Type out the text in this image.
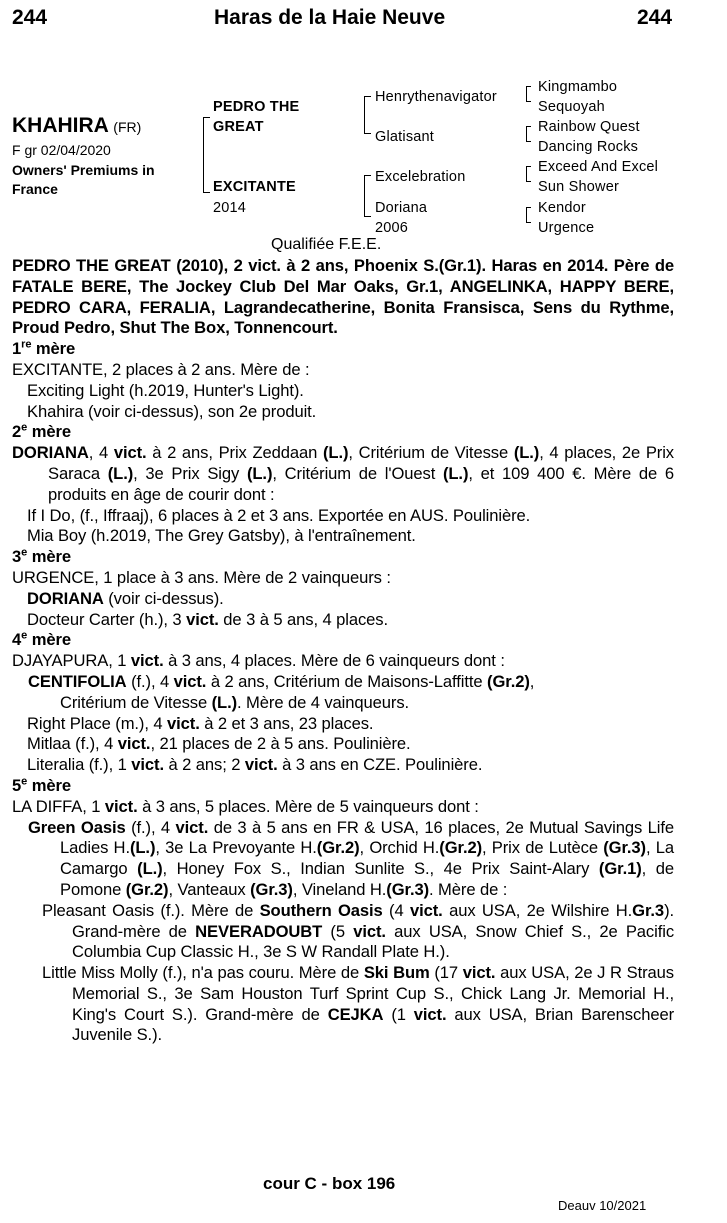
244	Haras de la Haie Neuve	244
KHAHIRA (FR)
F gr 02/04/2020
Owners' Premiums in
France
PEDRO THE
GREAT
EXCITANTE
2014
Henrythenavigator
Glatisant
Excelebration
Doriana
2006
Kingmambo
Sequoyah
Rainbow Quest
Dancing Rocks
Exceed And Excel
Sun Shower
Kendor
Urgence
Qualifiée F.E.E.

PEDRO THE GREAT (2010), 2 vict. à 2 ans, Phoenix S.(Gr.1). Haras en 2014. Père de FATALE BERE, The Jockey Club Del Mar Oaks, Gr.1, ANGELINKA, HAPPY BERE, PEDRO CARA, FERALIA, Lagrandecatherine, Bonita Fransisca, Sens du Rythme, Proud Pedro, Shut The Box, Tonnencourt.

1re mère
EXCITANTE, 2 places à 2 ans. Mère de :
Exciting Light (h.2019, Hunter's Light).
Khahira (voir ci-dessus), son 2e produit.
2e mère
DORIANA, 4 vict. à 2 ans, Prix Zeddaan (L.), Critérium de Vitesse (L.), 4 places, 2e Prix Saraca (L.), 3e Prix Sigy (L.), Critérium de l'Ouest (L.), et 109 400 €. Mère de 6 produits en âge de courir dont :
If I Do, (f., Iffraaj), 6 places à 2 et 3 ans. Exportée en AUS. Poulinière.
Mia Boy (h.2019, The Grey Gatsby), à l'entraînement.
3e mère
URGENCE, 1 place à 3 ans. Mère de 2 vainqueurs :
DORIANA (voir ci-dessus).
Docteur Carter (h.), 3 vict. de 3 à 5 ans, 4 places.
4e mère
DJAYAPURA, 1 vict. à 3 ans, 4 places. Mère de 6 vainqueurs dont :
CENTIFOLIA (f.), 4 vict. à 2 ans, Critérium de Maisons-Laffitte (Gr.2),
Critérium de Vitesse (L.). Mère de 4 vainqueurs.
Right Place (m.), 4 vict. à 2 et 3 ans, 23 places.
Mitlaa (f.), 4 vict., 21 places de 2 à 5 ans. Poulinière.
Literalia (f.), 1 vict. à 2 ans; 2 vict. à 3 ans en CZE. Poulinière.
5e mère
LA DIFFA, 1 vict. à 3 ans, 5 places. Mère de 5 vainqueurs dont :
Green Oasis (f.), 4 vict. de 3 à 5 ans en FR & USA, 16 places, 2e Mutual Savings Life Ladies H.(L.), 3e La Prevoyante H.(Gr.2), Orchid H.(Gr.2), Prix de Lutèce (Gr.3), La Camargo (L.), Honey Fox S., Indian Sunlite S., 4e Prix Saint-Alary (Gr.1), de Pomone (Gr.2), Vanteaux (Gr.3), Vineland H.(Gr.3). Mère de :
Pleasant Oasis (f.). Mère de Southern Oasis (4 vict. aux USA, 2e Wilshire H.Gr.3). Grand-mère de NEVERADOUBT (5 vict. aux USA, Snow Chief S., 2e Pacific Columbia Cup Classic H., 3e S W Randall Plate H.).
Little Miss Molly (f.), n'a pas couru. Mère de Ski Bum (17 vict. aux USA, 2e J R Straus Memorial S., 3e Sam Houston Turf Sprint Cup S., Chick Lang Jr. Memorial H., King's Court S.). Grand-mère de CEJKA (1 vict. aux USA, Brian Barenscheer Juvenile S.).
cour C - box 196
Deauv 10/2021
